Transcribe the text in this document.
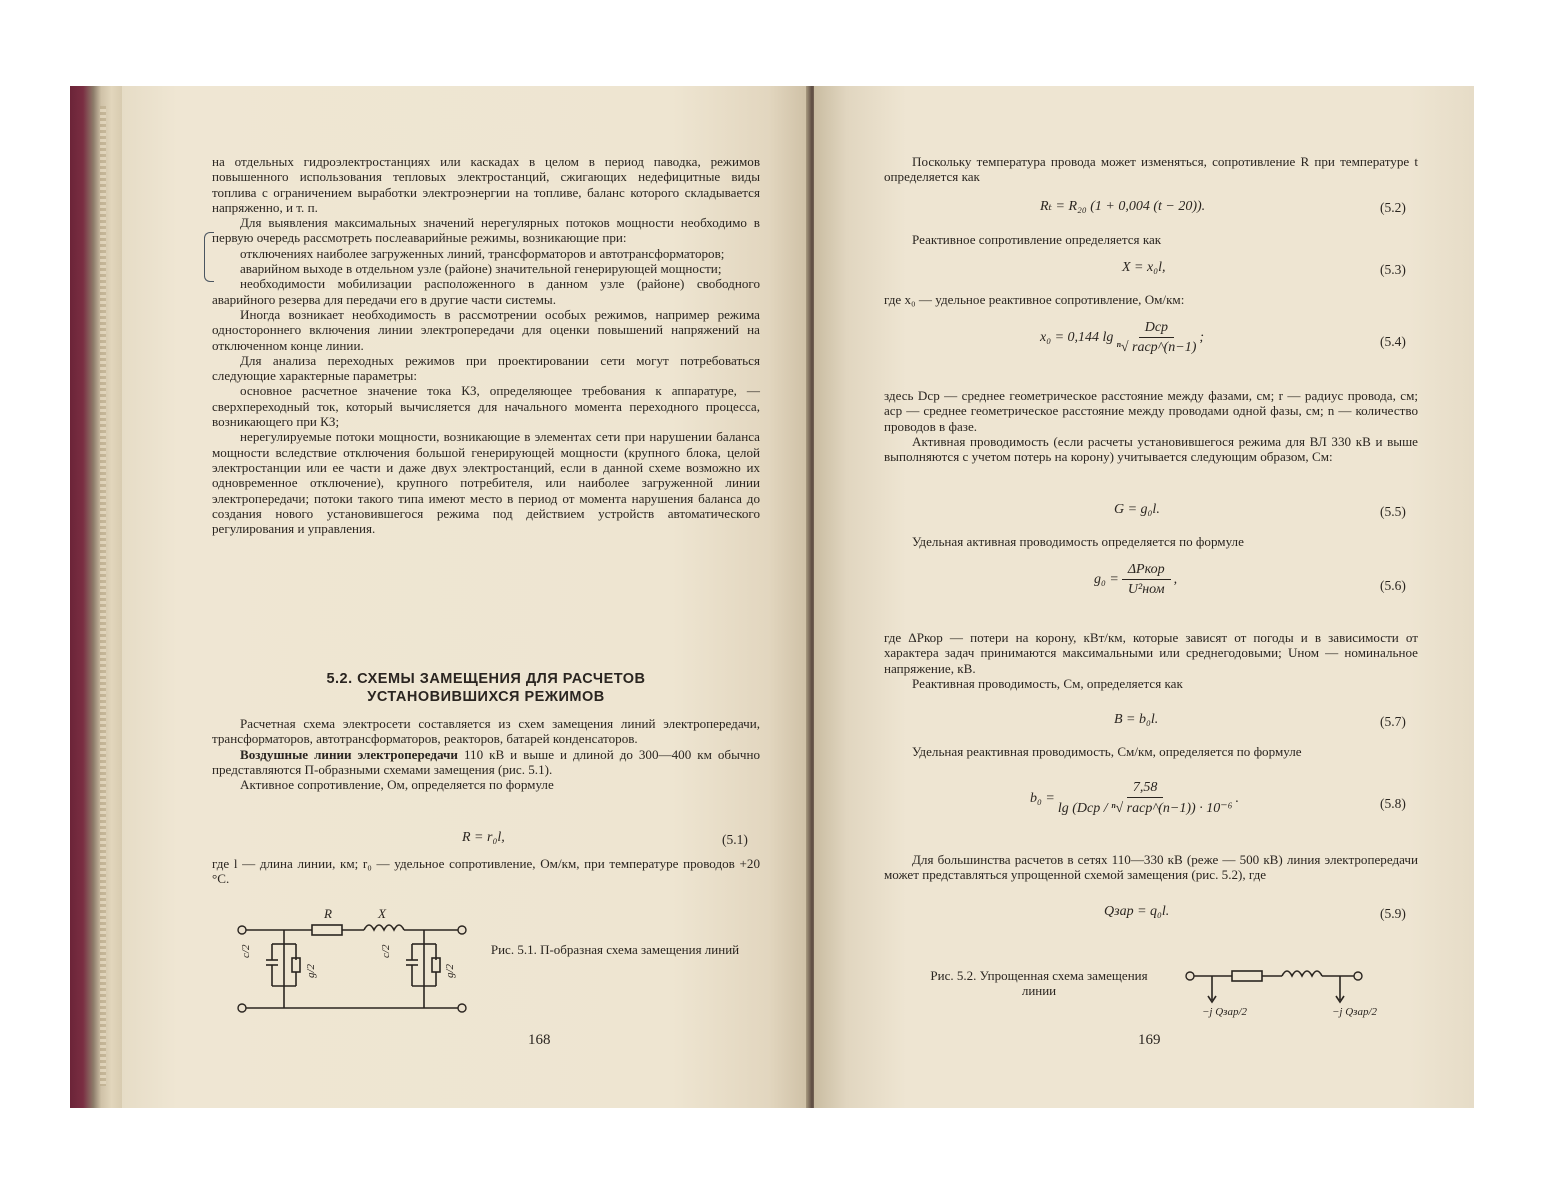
на отдельных гидроэлектростанциях или каскадах в целом в период паводка, режимов повышенного использования тепловых электростанций, сжигающих недефицитные виды топлива с ограничением выработки электроэнергии на топливе, баланс которого складывается напряженно, и т. п.

Для выявления максимальных значений нерегулярных потоков мощности необходимо в первую очередь рассмотреть послеаварийные режимы, возникающие при:

отключениях наиболее загруженных линий, трансформаторов и автотрансформаторов;

аварийном выходе в отдельном узле (районе) значительной генерирующей мощности;

необходимости мобилизации расположенного в данном узле (районе) свободного аварийного резерва для передачи его в другие части системы.

Иногда возникает необходимость в рассмотрении особых режимов, например режима одностороннего включения линии электропередачи для оценки повышений напряжений на отключенном конце линии.

Для анализа переходных режимов при проектировании сети могут потребоваться следующие характерные параметры:

основное расчетное значение тока КЗ, определяющее требования к аппаратуре, — сверхпереходный ток, который вычисляется для начального момента переходного процесса, возникающего при КЗ;

нерегулируемые потоки мощности, возникающие в элементах сети при нарушении баланса мощности вследствие отключения большой генерирующей мощности (крупного блока, целой электростанции или ее части и даже двух электростанций, если в данной схеме возможно их одновременное отключение), крупного потребителя, или наиболее загруженной линии электропередачи; потоки такого типа имеют место в период от момента нарушения баланса до создания нового установившегося режима под действием устройств автоматического регулирования и управления.

5.2. СХЕМЫ ЗАМЕЩЕНИЯ ДЛЯ РАСЧЕТОВ
УСТАНОВИВШИХСЯ РЕЖИМОВ

Расчетная схема электросети составляется из схем замещения линий электропередачи, трансформаторов, автотрансформаторов, реакторов, батарей конденсаторов.

Воздушные линии электропередачи 110 кВ и выше и длиной до 300—400 км обычно представляются П-образными схемами замещения (рис. 5.1).

Активное сопротивление, Ом, определяется по формуле

R = r₀l,	(5.1)

где l — длина линии, км; r₀ — удельное сопротивление, Ом/км, при температуре проводов +20 °С.

R	X
c/2
g/2
c/2
g/2
Рис. 5.1. П-образная схема замещения линий
168

Поскольку температура провода может изменяться, сопротивление R при температуре t определяется как

Rₜ = R₂₀ (1 + 0,004 (t − 20)).	(5.2)

Реактивное сопротивление определяется как

X = x₀l,	(5.3)

где x₀ — удельное реактивное сопротивление, Ом/км:

x₀ = 0,144 $\lg \frac{\text{Dср}}{\text{ⁿ√ rаср\textasciicircum{}(n−1)}}$ ;	(5.4)

здесь Dср — среднее геометрическое расстояние между фазами, см; r — радиус провода, см; aср — среднее геометрическое расстояние между проводами одной фазы, см; n — количество проводов в фазе.

Активная проводимость (если расчеты установившегося режима для ВЛ 330 кВ и выше выполняются с учетом потерь на корону) учитывается следующим образом, См:

G = g₀l.	(5.5)

Удельная активная проводимость определяется по формуле

$g_0 = \frac{\text{ΔPкор}}{\text{U²ном}}$ ,	(5.6)

где ΔPкор — потери на корону, кВт/км, которые зависят от погоды и в зависимости от характера задач принимаются максимальными или среднегодовыми; Uном — номинальное напряжение, кВ.

Реактивная проводимость, См, определяется как

B = b₀l.	(5.7)

Удельная реактивная проводимость, См/км, определяется по формуле

$b_0 = \frac{7,58}{\text{lg (Dср / ⁿ√ rаср\textasciicircum{}(n−1)) · 10⁻⁶}}$ .	(5.8)

Для большинства расчетов в сетях 110—330 кВ (реже — 500 кВ) линия электропередачи может представляться упрощенной схемой замещения (рис. 5.2), где

Qзар = q₀l.	(5.9)
Рис. 5.2. Упрощенная схема замещения линии
−j Qзар/2	−j Qзар/2
169
